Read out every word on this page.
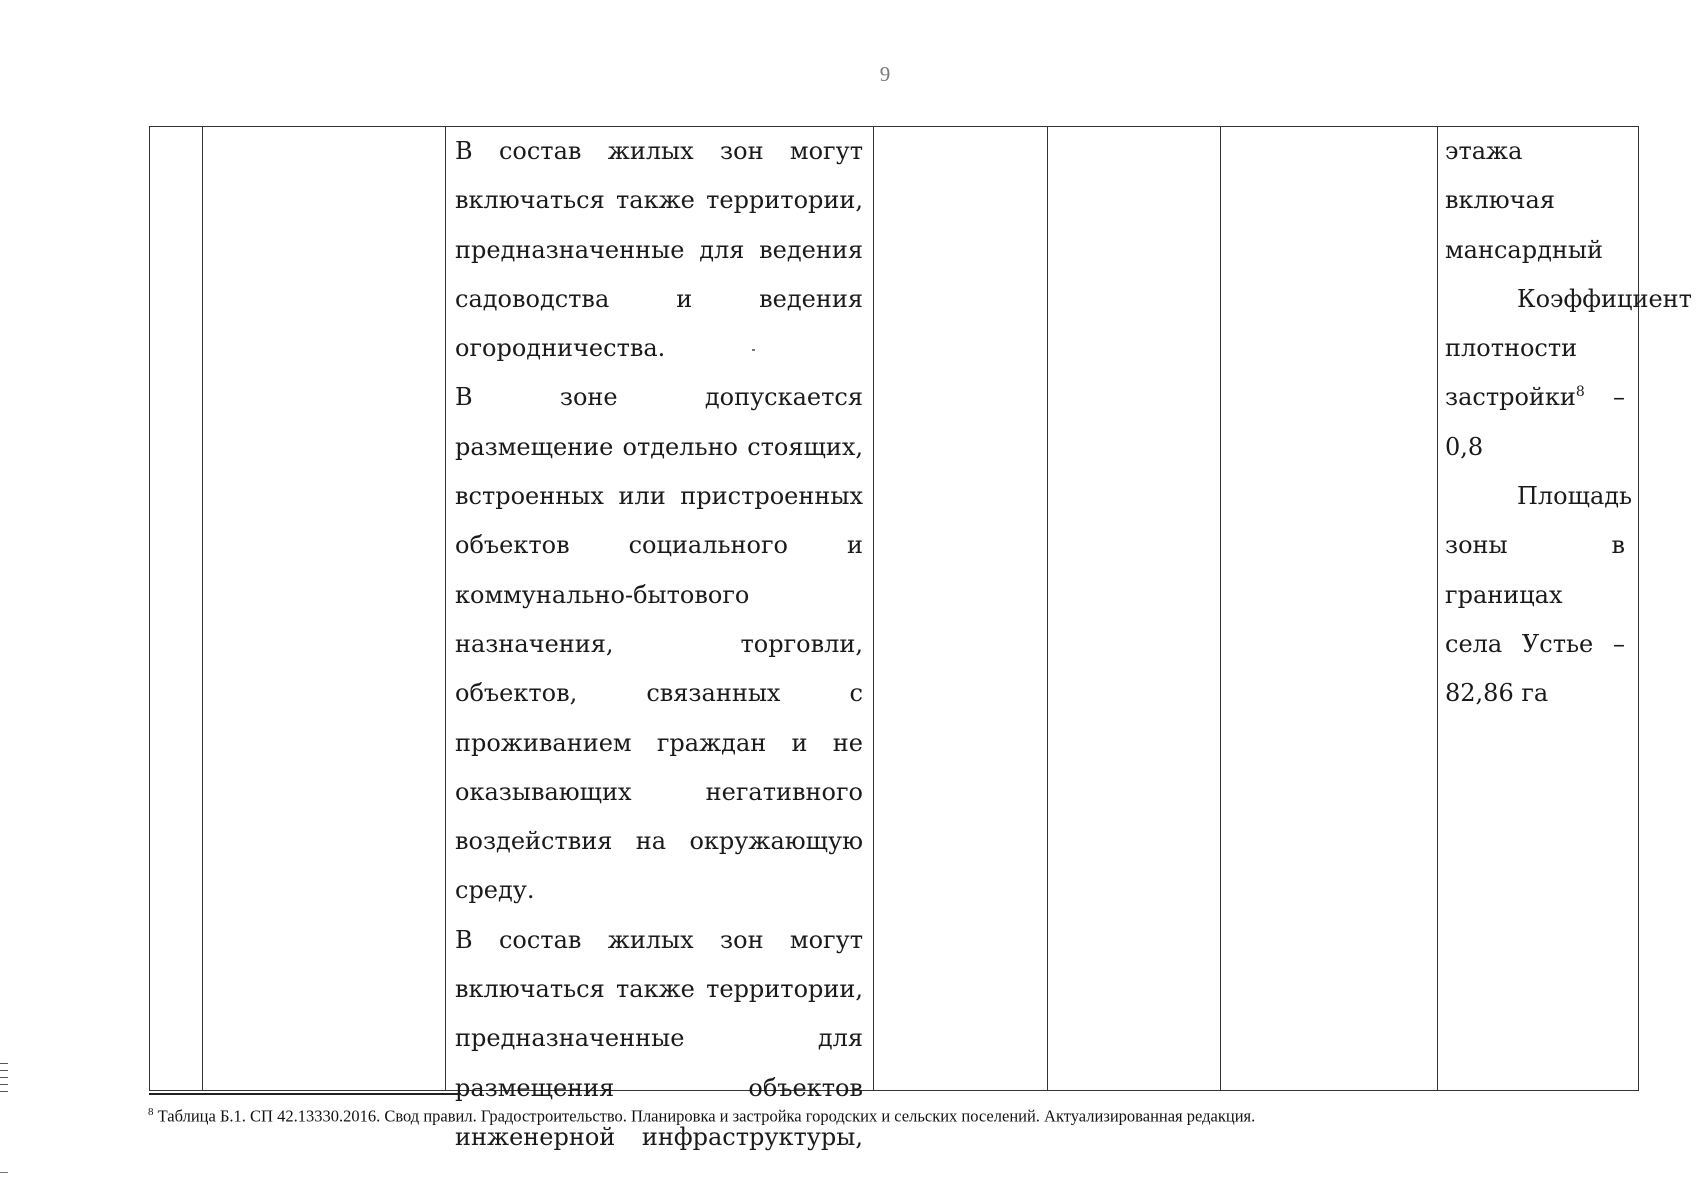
9

В состав жилых зон могут включаться также территории, предназначенные для ведения садоводства и ведения огородничества.

В зоне допускается размещение отдельно стоящих, встроенных или пристроенных объектов социального и коммунально-бытового назначения, торговли, объектов, связанных с проживанием граждан и не оказывающих негативного воздействия на окружающую среду.

В состав жилых зон могут включаться также территории, предназначенные для размещения объектов инженерной инфраструктуры,

этажа включая мансардный

Коэффициент плотности застройки$^8$ – 0,8

Площадь зоны в границах села Устье – 82,86 га

$^8$ Таблица Б.1. СП 42.13330.2016. Свод правил. Градостроительство. Планировка и застройка городских и сельских поселений. Актуализированная редакция.
